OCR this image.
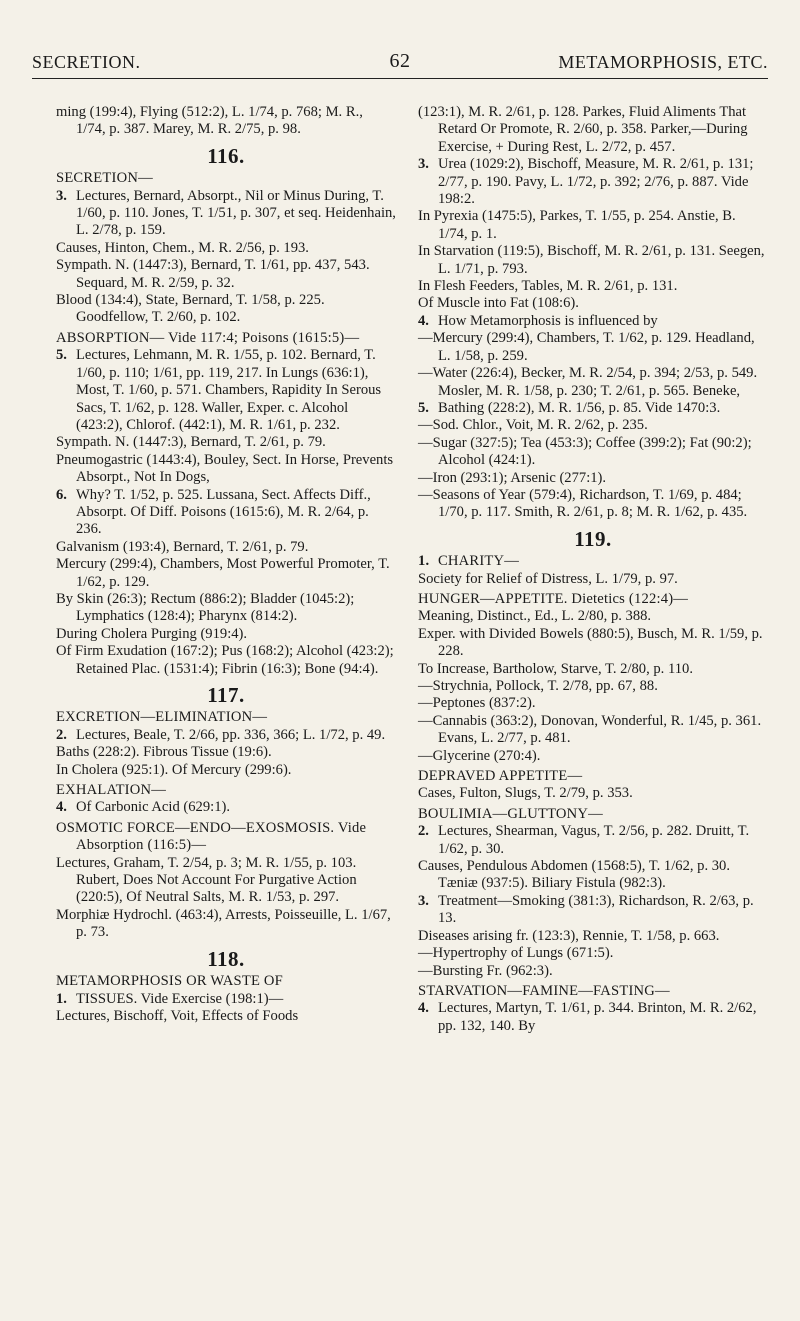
SECRETION.	62	METAMORPHOSIS, ETC.
ming (199:4), Flying (512:2), L. 1/74, p. 768; M. R., 1/74, p. 387. Marey, M. R. 2/75, p. 98.
116.
SECRETION—
3. Lectures, Bernard, Absorpt., Nil or Minus During, T. 1/60, p. 110. Jones, T. 1/51, p. 307, et seq. Heidenhain, L. 2/78, p. 159.
Causes, Hinton, Chem., M. R. 2/56, p. 193.
Sympath. N. (1447:3), Bernard, T. 1/61, pp. 437, 543. Sequard, M. R. 2/59, p. 32.
Blood (134:4), State, Bernard, T. 1/58, p. 225. Goodfellow, T. 2/60, p. 102.
ABSORPTION— Vide 117:4; Poisons (1615:5)—
5. Lectures, Lehmann, M. R. 1/55, p. 102. Bernard, T. 1/60, p. 110; 1/61, pp. 119, 217. In Lungs (636:1), Most, T. 1/60, p. 571. Chambers, Rapidity In Serous Sacs, T. 1/62, p. 128. Waller, Exper. c. Alcohol (423:2), Chlorof. (442:1), M. R. 1/61, p. 232.
Sympath. N. (1447:3), Bernard, T. 2/61, p. 79.
Pneumogastric (1443:4), Bouley, Sect. In Horse, Prevents Absorpt., Not In Dogs,
6. Why? T. 1/52, p. 525. Lussana, Sect. Affects Diff., Absorpt. Of Diff. Poisons (1615:6), M. R. 2/64, p. 236.
Galvanism (193:4), Bernard, T. 2/61, p. 79.
Mercury (299:4), Chambers, Most Powerful Promoter, T. 1/62, p. 129.
By Skin (26:3); Rectum (886:2); Bladder (1045:2); Lymphatics (128:4); Pharynx (814:2).
During Cholera Purging (919:4).
Of Firm Exudation (167:2); Pus (168:2); Alcohol (423:2); Retained Plac. (1531:4); Fibrin (16:3); Bone (94:4).
117.
EXCRETION—ELIMINATION—
2. Lectures, Beale, T. 2/66, pp. 336, 366; L. 1/72, p. 49.
Baths (228:2). Fibrous Tissue (19:6).
In Cholera (925:1). Of Mercury (299:6).
EXHALATION—
4. Of Carbonic Acid (629:1).
OSMOTIC FORCE—ENDO—EXOSMOSIS. Vide Absorption (116:5)—
Lectures, Graham, T. 2/54, p. 3; M. R. 1/55, p. 103. Rubert, Does Not Account For Purgative Action (220:5), Of Neutral Salts, M. R. 1/53, p. 297.
Morphiæ Hydrochl. (463:4), Arrests, Poisseuille, L. 1/67, p. 73.
118.
METAMORPHOSIS OR WASTE OF
1. TISSUES. Vide Exercise (198:1)—
Lectures, Bischoff, Voit, Effects of Foods
(123:1), M. R. 2/61, p. 128. Parkes, Fluid Aliments That Retard Or Promote, R. 2/60, p. 358. Parker,—During Exercise, + During Rest, L. 2/72, p. 457.
3. Urea (1029:2), Bischoff, Measure, M. R. 2/61, p. 131; 2/77, p. 190. Pavy, L. 1/72, p. 392; 2/76, p. 887. Vide 198:2.
In Pyrexia (1475:5), Parkes, T. 1/55, p. 254. Anstie, B. 1/74, p. 1.
In Starvation (119:5), Bischoff, M. R. 2/61, p. 131. Seegen, L. 1/71, p. 793.
In Flesh Feeders, Tables, M. R. 2/61, p. 131.
Of Muscle into Fat (108:6).
4. How Metamorphosis is influenced by
—Mercury (299:4), Chambers, T. 1/62, p. 129. Headland, L. 1/58, p. 259.
—Water (226:4), Becker, M. R. 2/54, p. 394; 2/53, p. 549. Mosler, M. R. 1/58, p. 230; T. 2/61, p. 565. Beneke,
5. Bathing (228:2), M. R. 1/56, p. 85. Vide 1470:3.
—Sod. Chlor., Voit, M. R. 2/62, p. 235.
—Sugar (327:5); Tea (453:3); Coffee (399:2); Fat (90:2); Alcohol (424:1).
—Iron (293:1); Arsenic (277:1).
—Seasons of Year (579:4), Richardson, T. 1/69, p. 484; 1/70, p. 117. Smith, R. 2/61, p. 8; M. R. 1/62, p. 435.
119.
1. CHARITY—
Society for Relief of Distress, L. 1/79, p. 97.
HUNGER—APPETITE. Dietetics (122:4)—
Meaning, Distinct., Ed., L. 2/80, p. 388.
Exper. with Divided Bowels (880:5), Busch, M. R. 1/59, p. 228.
To Increase, Bartholow, Starve, T. 2/80, p. 110.
—Strychnia, Pollock, T. 2/78, pp. 67, 88.
—Peptones (837:2).
—Cannabis (363:2), Donovan, Wonderful, R. 1/45, p. 361. Evans, L. 2/77, p. 481.
—Glycerine (270:4).
DEPRAVED APPETITE—
Cases, Fulton, Slugs, T. 2/79, p. 353.
BOULIMIA—GLUTTONY—
2. Lectures, Shearman, Vagus, T. 2/56, p. 282. Druitt, T. 1/62, p. 30.
Causes, Pendulous Abdomen (1568:5), T. 1/62, p. 30. Tæniæ (937:5). Biliary Fistula (982:3).
3. Treatment—Smoking (381:3), Richardson, R. 2/63, p. 13.
Diseases arising fr. (123:3), Rennie, T. 1/58, p. 663.
—Hypertrophy of Lungs (671:5).
—Bursting Fr. (962:3).
STARVATION—FAMINE—FASTING—
4. Lectures, Martyn, T. 1/61, p. 344. Brinton, M. R. 2/62, pp. 132, 140. By
